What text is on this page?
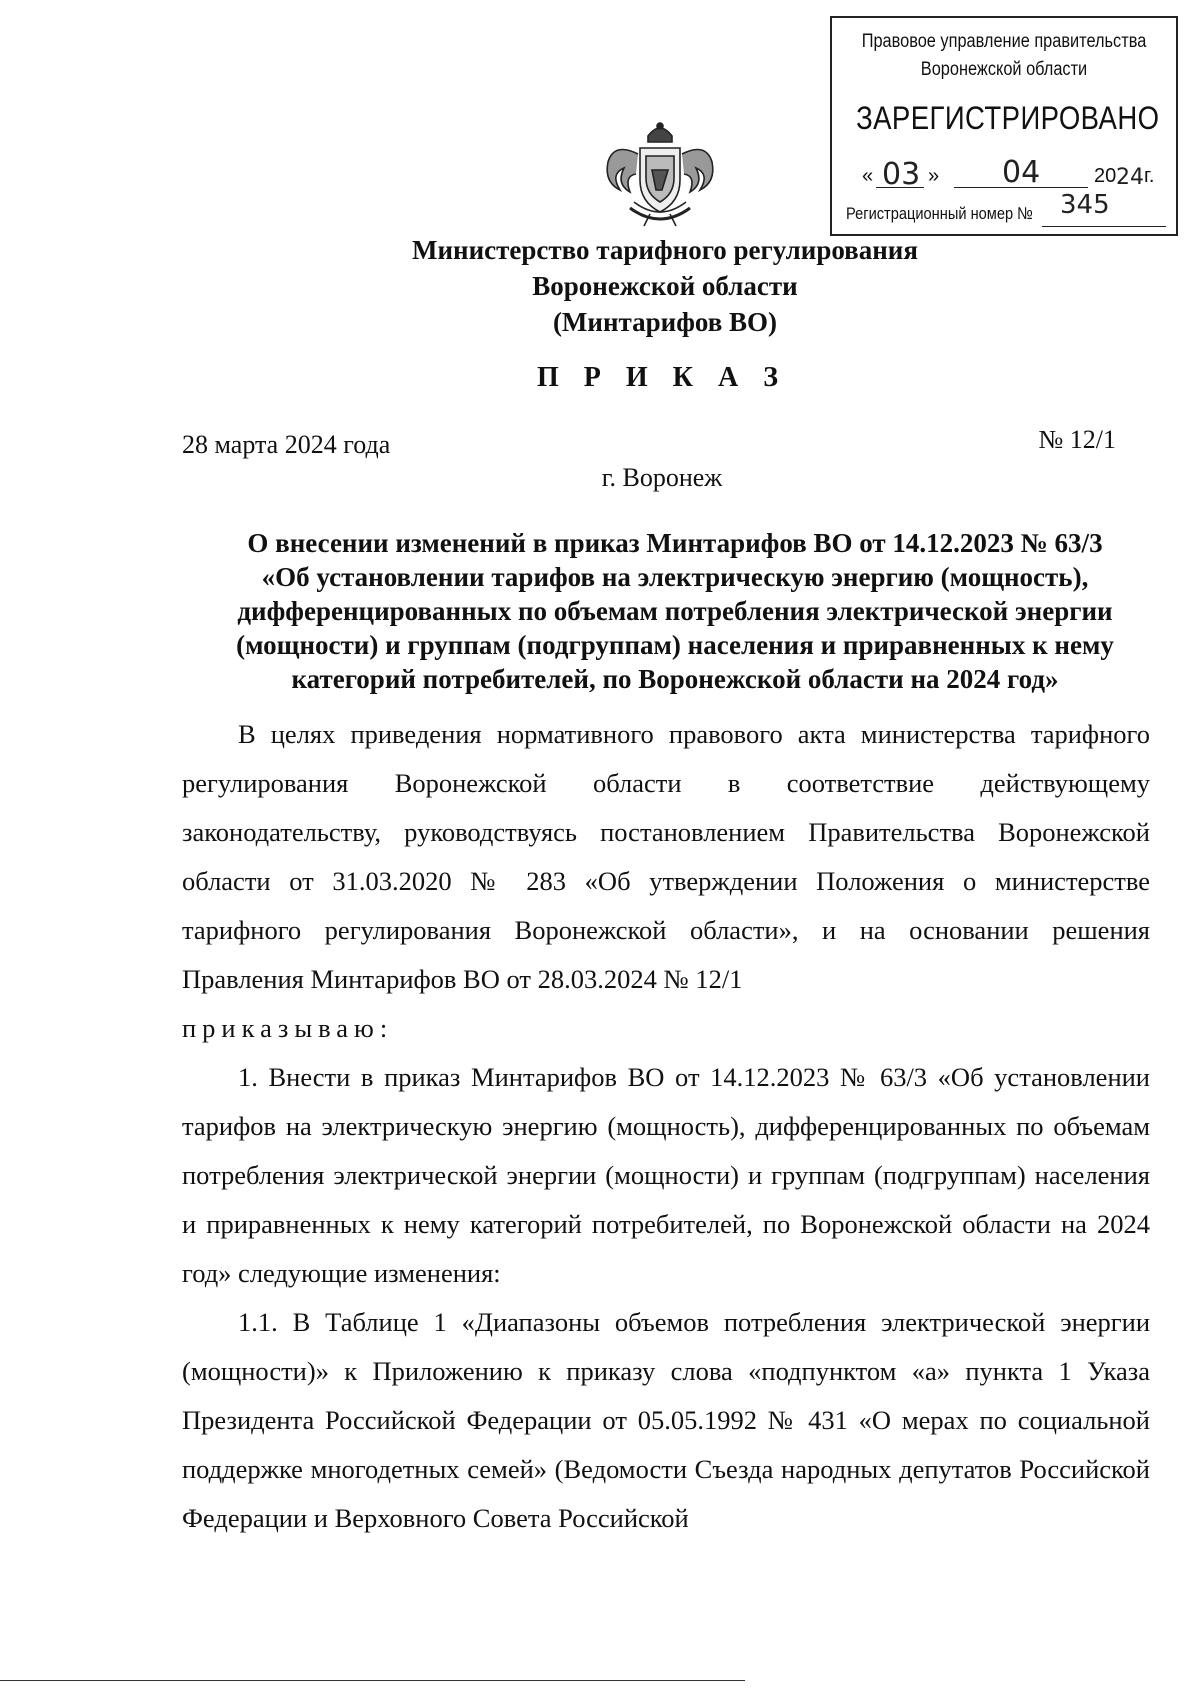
Правовое управление правительства
Воронежской области
ЗАРЕГИСТРИРОВАНО
« 03 » 04	20 24 г.
Регистрационный номер № 345
Министерство тарифного регулирования
Воронежской области
(Минтарифов ВО)
П Р И К А З
28 марта 2024 года	№ 12/1
г. Воронеж
О внесении изменений в приказ Минтарифов ВО от 14.12.2023 № 63/3
«Об установлении тарифов на электрическую энергию (мощность),
дифференцированных по объемам потребления электрической энергии
(мощности) и группам (подгруппам) населения и приравненных к нему
категорий потребителей, по Воронежской области на 2024 год»

В целях приведения нормативного правового акта министерства тарифного регулирования Воронежской области в соответствие действующему законодательству, руководствуясь постановлением Правительства Воронежской области от 31.03.2020 № 283 «Об утверждении Положения о министерстве тарифного регулирования Воронежской области», и на основании решения Правления Минтарифов ВО от 28.03.2024 № 12/1

приказываю:

1. Внести в приказ Минтарифов ВО от 14.12.2023 № 63/3 «Об установлении тарифов на электрическую энергию (мощность), дифференцированных по объемам потребления электрической энергии (мощности) и группам (подгруппам) населения и приравненных к нему категорий потребителей, по Воронежской области на 2024 год» следующие изменения:

1.1. В Таблице 1 «Диапазоны объемов потребления электрической энергии (мощности)» к Приложению к приказу слова «подпунктом «а» пункта 1 Указа Президента Российской Федерации от 05.05.1992 № 431 «О мерах по социальной поддержке многодетных семей» (Ведомости Съезда народных депутатов Российской Федерации и Верховного Совета Российской
